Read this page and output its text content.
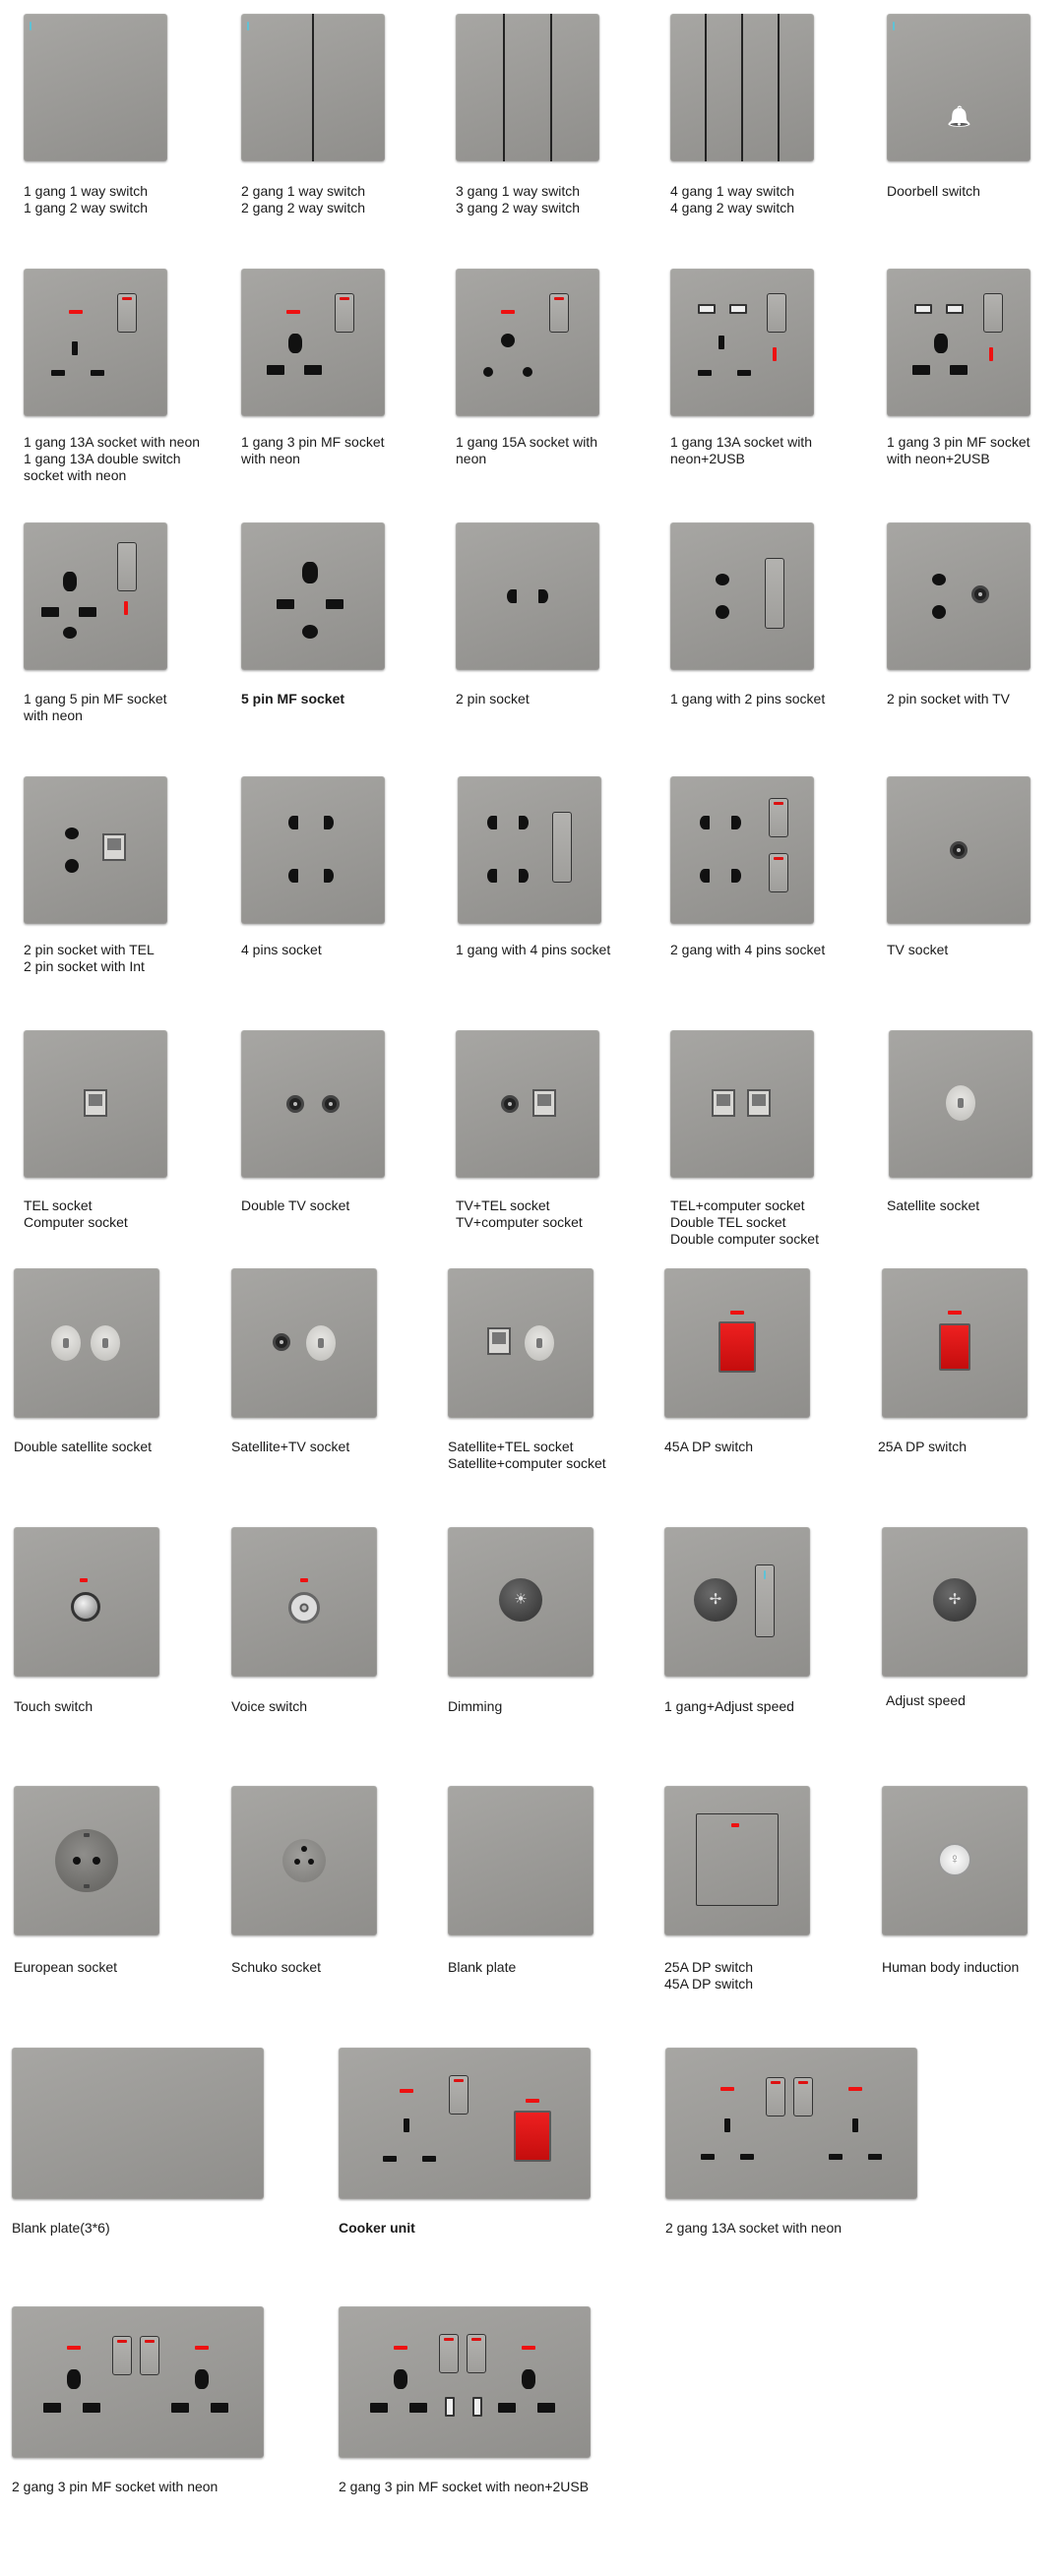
1 gang 1 way switch
1 gang 2 way switch
2 gang 1 way switch
2 gang 2 way switch
3 gang 1 way switch
3 gang 2 way switch
4 gang 1 way switch
4 gang 2 way switch
🔔
Doorbell switch
1 gang 13A socket with neon
1 gang 13A double switch
socket with neon
1 gang 3 pin MF socket
with neon
1 gang 15A socket with
neon
1 gang 13A socket with
neon+2USB
1 gang 3 pin MF socket
with neon+2USB
1 gang 5 pin MF socket
with neon
5 pin MF socket	2 pin socket	1 gang with 2 pins socket	2 pin socket with TV
2 pin socket with TEL
2 pin socket with Int
4 pins socket	1 gang with 4 pins socket	2 gang with 4 pins socket	TV socket
TEL socket
Computer socket
Double TV socket	TV+TEL socket
TV+computer socket
TEL+computer socket
Double TEL socket
Double computer socket
Satellite socket
Double satellite socket	Satellite+TV socket	Satellite+TEL socket
Satellite+computer socket
45A DP switch	25A DP switch
Touch switch	Voice switch
☀
Dimming
✢
1 gang+Adjust speed
✢
Adjust speed
European socket	Schuko socket	Blank plate	25A DP switch
45A DP switch
♀
Human body induction
Blank plate(3*6)	Cooker unit	2 gang 13A socket with neon
2 gang 3 pin MF socket with neon	2 gang 3 pin MF socket with neon+2USB
